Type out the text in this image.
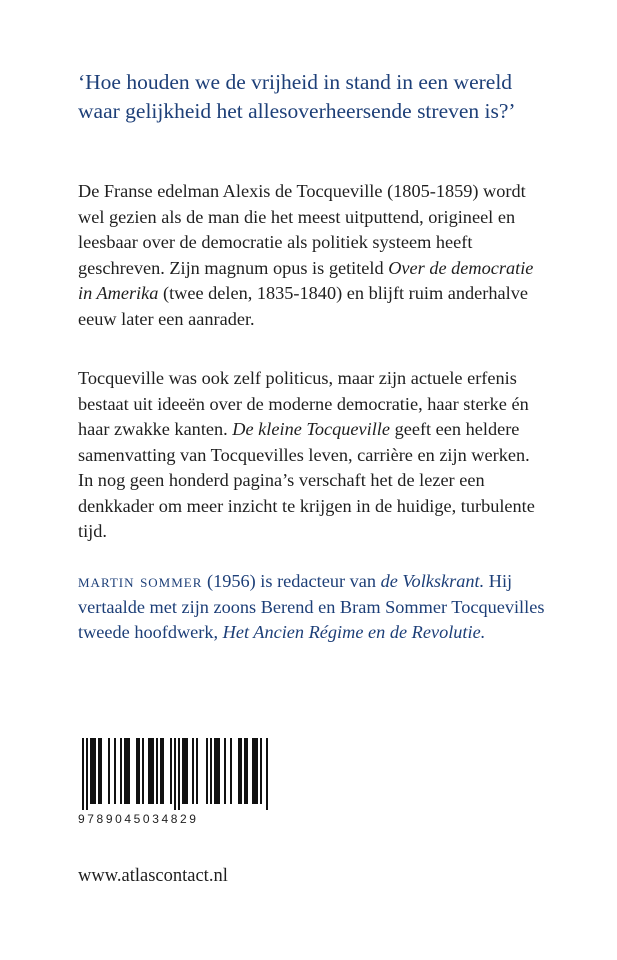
‘Hoe houden we de vrijheid in stand in een wereld waar gelijkheid het allesoverheersende streven is?’

De Franse edelman Alexis de Tocqueville (1805-1859) wordt wel gezien als de man die het meest uitputtend, origineel en leesbaar over de democratie als politiek systeem heeft geschreven. Zijn magnum opus is getiteld Over de democratie in Amerika (twee delen, 1835-1840) en blijft ruim anderhalve eeuw later een aanrader.

Tocqueville was ook zelf politicus, maar zijn actuele erfenis bestaat uit ideeën over de moderne democratie, haar sterke én haar zwakke kanten. De kleine Tocqueville geeft een heldere samenvatting van Tocquevilles leven, carrière en zijn werken. In nog geen honderd pagina’s verschaft het de lezer een denkkader om meer inzicht te krijgen in de huidige, turbulente tijd.

martin sommer (1956) is redacteur van de Volkskrant. Hij vertaalde met zijn zoons Berend en Bram Sommer Tocquevilles tweede hoofdwerk, Het Ancien Régime en de Revolutie.

9789045034829
www.atlascontact.nl
